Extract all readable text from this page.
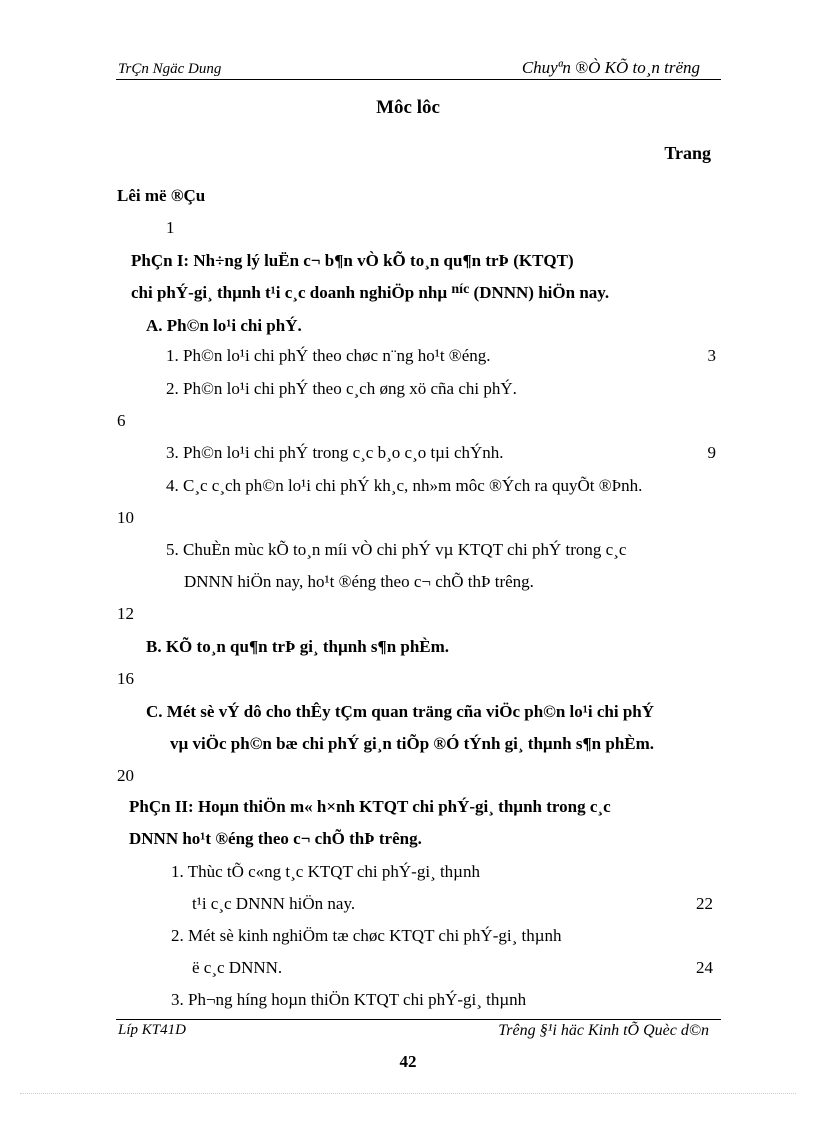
TrÇn Ngäc Dung	Chuyªn ®Ò KÕ to¸n trëng
Môc lôc
Trang
Lêi më ®Çu
1
PhÇn I: Nh÷ng lý luËn c¬ b¶n vÒ kÕ to¸n qu¶n trÞ (KTQT)
chi phÝ-gi¸ thµnh t¹i c¸c doanh nghiÖp nhµ $^{níc}$ (DNNN) hiÖn nay.
A. Ph©n lo¹i chi phÝ.
1. Ph©n lo¹i chi phÝ theo chøc n¨ng ho¹t ®éng.	3
2. Ph©n lo¹i chi phÝ theo c¸ch øng xö cña chi phÝ.
6
3. Ph©n lo¹i chi phÝ trong c¸c b¸o c¸o tµi chÝnh.	9
4. C¸c c¸ch ph©n lo¹i chi phÝ kh¸c, nh»m môc ®Ých ra quyÕt ®Þnh.
10
5. ChuÈn mùc kÕ to¸n míi vÒ chi phÝ vµ KTQT chi phÝ trong c¸c
DNNN hiÖn nay, ho¹t ®éng theo c¬ chÕ thÞ trêng.
12
B. KÕ to¸n qu¶n trÞ gi¸ thµnh s¶n phÈm.
16
C. Mét sè vÝ dô cho thÊy tÇm quan träng cña viÖc ph©n lo¹i chi phÝ
vµ viÖc ph©n bæ chi phÝ gi¸n tiÕp ®Ó tÝnh gi¸ thµnh s¶n phÈm.
20
PhÇn II: Hoµn thiÖn m« h×nh KTQT chi phÝ-gi¸ thµnh trong c¸c
DNNN ho¹t ®éng theo c¬ chÕ thÞ trêng.
1. Thùc tÕ c«ng t¸c KTQT chi phÝ-gi¸ thµnh
t¹i c¸c DNNN hiÖn nay.	22
2. Mét sè kinh nghiÖm tæ chøc KTQT chi phÝ-gi¸ thµnh
ë c¸c DNNN.	24
3. Ph¬ng híng hoµn thiÖn KTQT chi phÝ-gi¸ thµnh
Líp KT41D	Trêng §¹i häc Kinh tÕ Quèc d©n
42
